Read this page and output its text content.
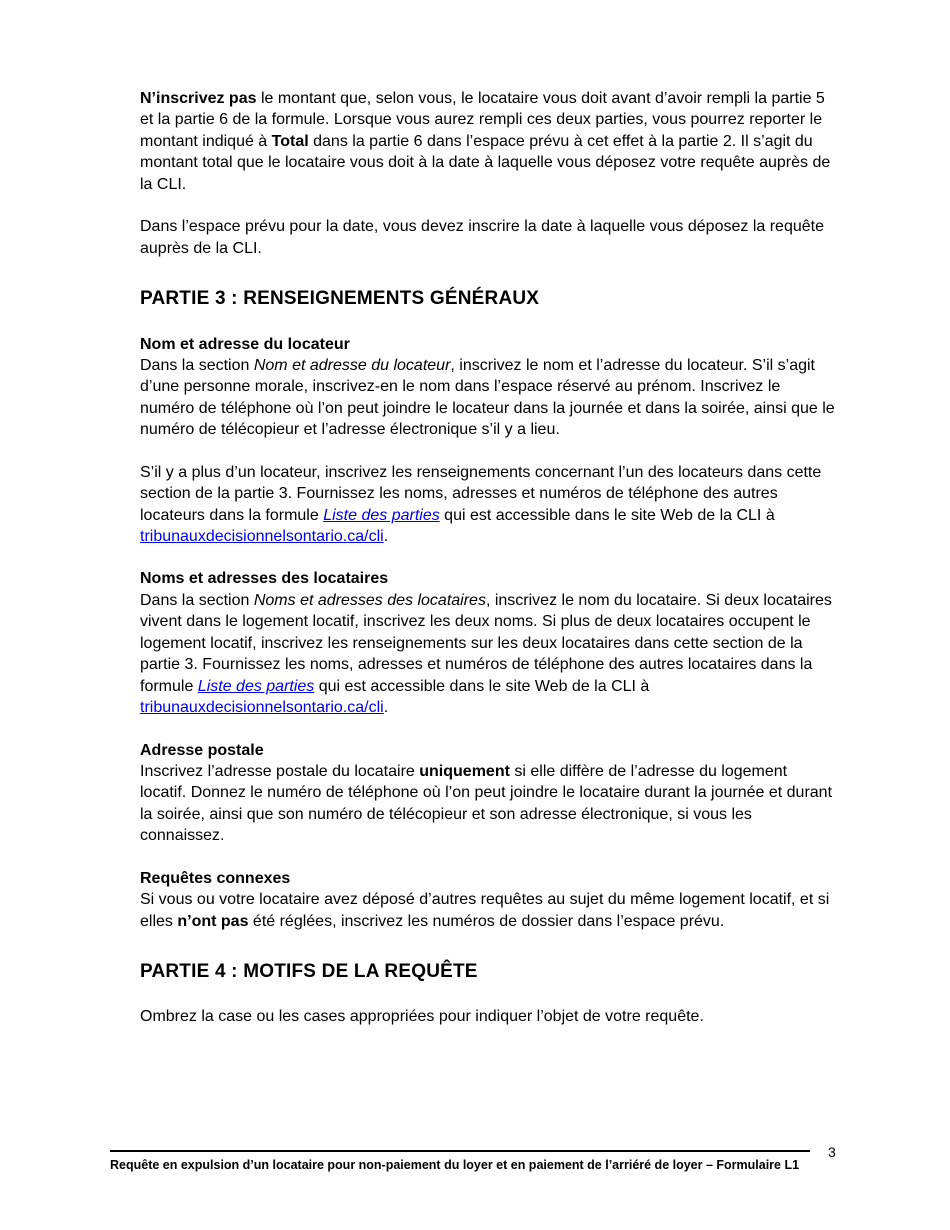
N’inscrivez pas le montant que, selon vous, le locataire vous doit avant d’avoir rempli la partie 5 et la partie 6 de la formule. Lorsque vous aurez rempli ces deux parties, vous pourrez reporter le montant indiqué à Total dans la partie 6 dans l’espace prévu à cet effet à la partie 2. Il s’agit du montant total que le locataire vous doit à la date à laquelle vous déposez votre requête auprès de la CLI.

Dans l’espace prévu pour la date, vous devez inscrire la date à laquelle vous déposez la requête auprès de la CLI.

PARTIE 3 : RENSEIGNEMENTS GÉNÉRAUX
Nom et adresse du locateur

Dans la section Nom et adresse du locateur, inscrivez le nom et l’adresse du locateur. S’il s’agit d’une personne morale, inscrivez-en le nom dans l’espace réservé au prénom. Inscrivez le numéro de téléphone où l’on peut joindre le locateur dans la journée et dans la soirée, ainsi que le numéro de télécopieur et l’adresse électronique s’il y a lieu.

S’il y a plus d’un locateur, inscrivez les renseignements concernant l’un des locateurs dans cette section de la partie 3. Fournissez les noms, adresses et numéros de téléphone des autres locateurs dans la formule Liste des parties qui est accessible dans le site Web de la CLI à tribunauxdecisionnelsontario.ca/cli.

Noms et adresses des locataires

Dans la section Noms et adresses des locataires, inscrivez le nom du locataire. Si deux locataires vivent dans le logement locatif, inscrivez les deux noms. Si plus de deux locataires occupent le logement locatif, inscrivez les renseignements sur les deux locataires dans cette section de la partie 3. Fournissez les noms, adresses et numéros de téléphone des autres locataires dans la formule Liste des parties qui est accessible dans le site Web de la CLI à tribunauxdecisionnelsontario.ca/cli.

Adresse postale

Inscrivez l’adresse postale du locataire uniquement si elle diffère de l’adresse du logement locatif. Donnez le numéro de téléphone où l’on peut joindre le locataire durant la journée et durant la soirée, ainsi que son numéro de télécopieur et son adresse électronique, si vous les connaissez.

Requêtes connexes

Si vous ou votre locataire avez déposé d’autres requêtes au sujet du même logement locatif, et si elles n’ont pas été réglées, inscrivez les numéros de dossier dans l’espace prévu.

PARTIE 4 : MOTIFS DE LA REQUÊTE

Ombrez la case ou les cases appropriées pour indiquer l’objet de votre requête.

Requête en expulsion d’un locataire pour non-paiement du loyer et en paiement de l’arriéré de loyer – Formulaire L1
3
